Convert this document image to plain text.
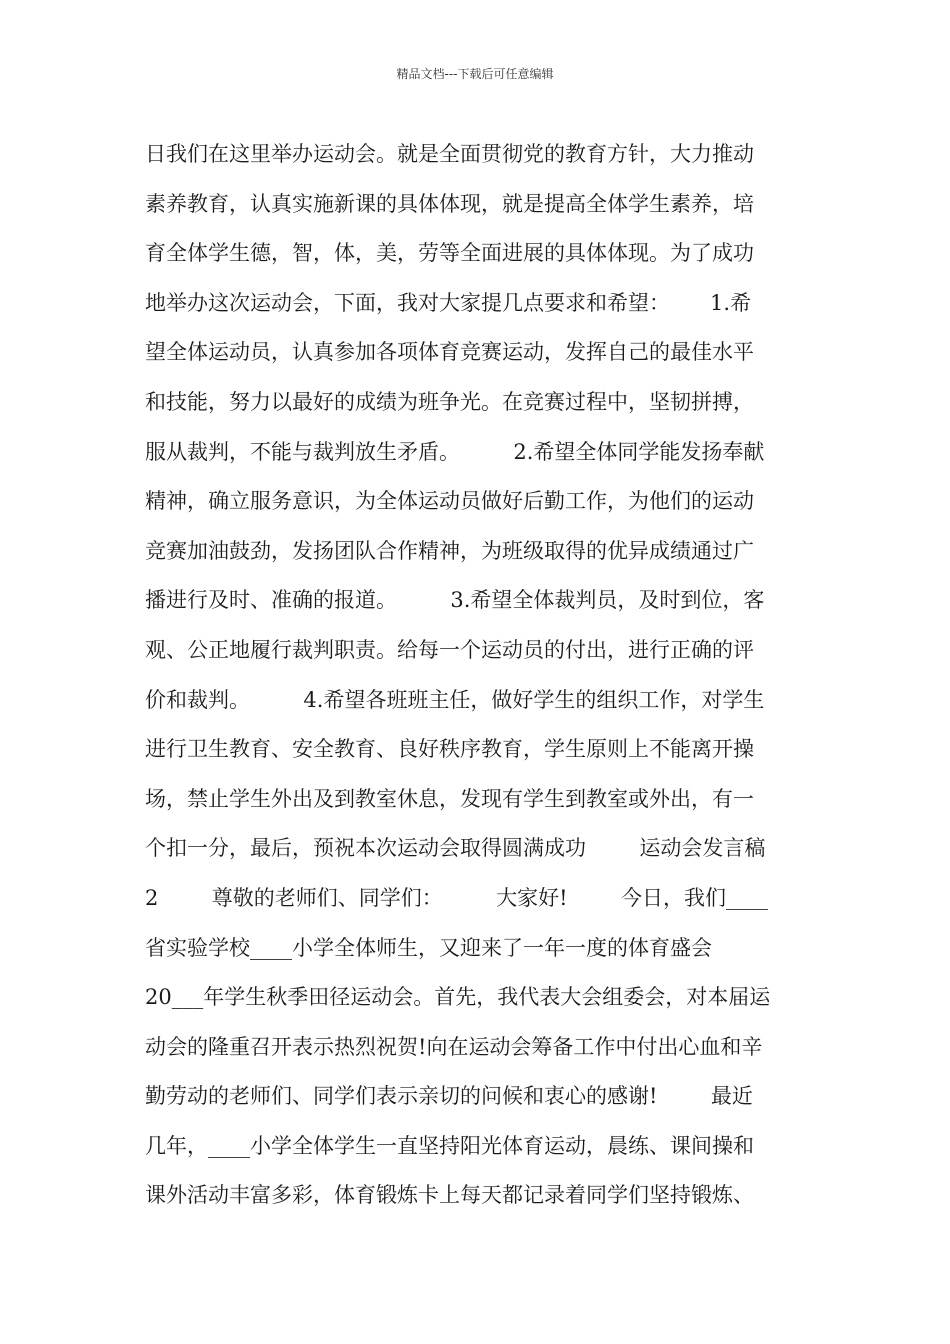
精品文档---下载后可任意编辑
日我们在这里举办运动会。就是全面贯彻党的教育方针，大力推动
素养教育，认真实施新课的具体体现，就是提高全体学生素养，培
育全体学生德，智，体，美，劳等全面进展的具体体现。为了成功
地举办这次运动会，下面，我对大家提几点要求和希望：      1.希
望全体运动员，认真参加各项体育竞赛运动，发挥自己的最佳水平
和技能，努力以最好的成绩为班争光。在竞赛过程中，坚韧拼搏，
服从裁判，不能与裁判放生矛盾。        2.希望全体同学能发扬奉献
精神，确立服务意识，为全体运动员做好后勤工作，为他们的运动
竞赛加油鼓劲，发扬团队合作精神，为班级取得的优异成绩通过广
播进行及时、准确的报道。        3.希望全体裁判员，及时到位，客
观、公正地履行裁判职责。给每一个运动员的付出，进行正确的评
价和裁判。        4.希望各班班主任，做好学生的组织工作，对学生
进行卫生教育、安全教育、良好秩序教育，学生原则上不能离开操
场，禁止学生外出及到教室休息，发现有学生到教室或外出，有一
个扣一分，最后，预祝本次运动会取得圆满成功        运动会发言稿
2        尊敬的老师们、同学们：        大家好!        今日，我们____
省实验学校____小学全体师生，又迎来了一年一度的体育盛会
20___年学生秋季田径运动会。首先，我代表大会组委会，对本届运
动会的隆重召开表示热烈祝贺!向在运动会筹备工作中付出心血和辛
勤劳动的老师们、同学们表示亲切的问候和衷心的感谢!        最近
几年，____小学全体学生一直坚持阳光体育运动，晨练、课间操和
课外活动丰富多彩，体育锻炼卡上每天都记录着同学们坚持锻炼、
